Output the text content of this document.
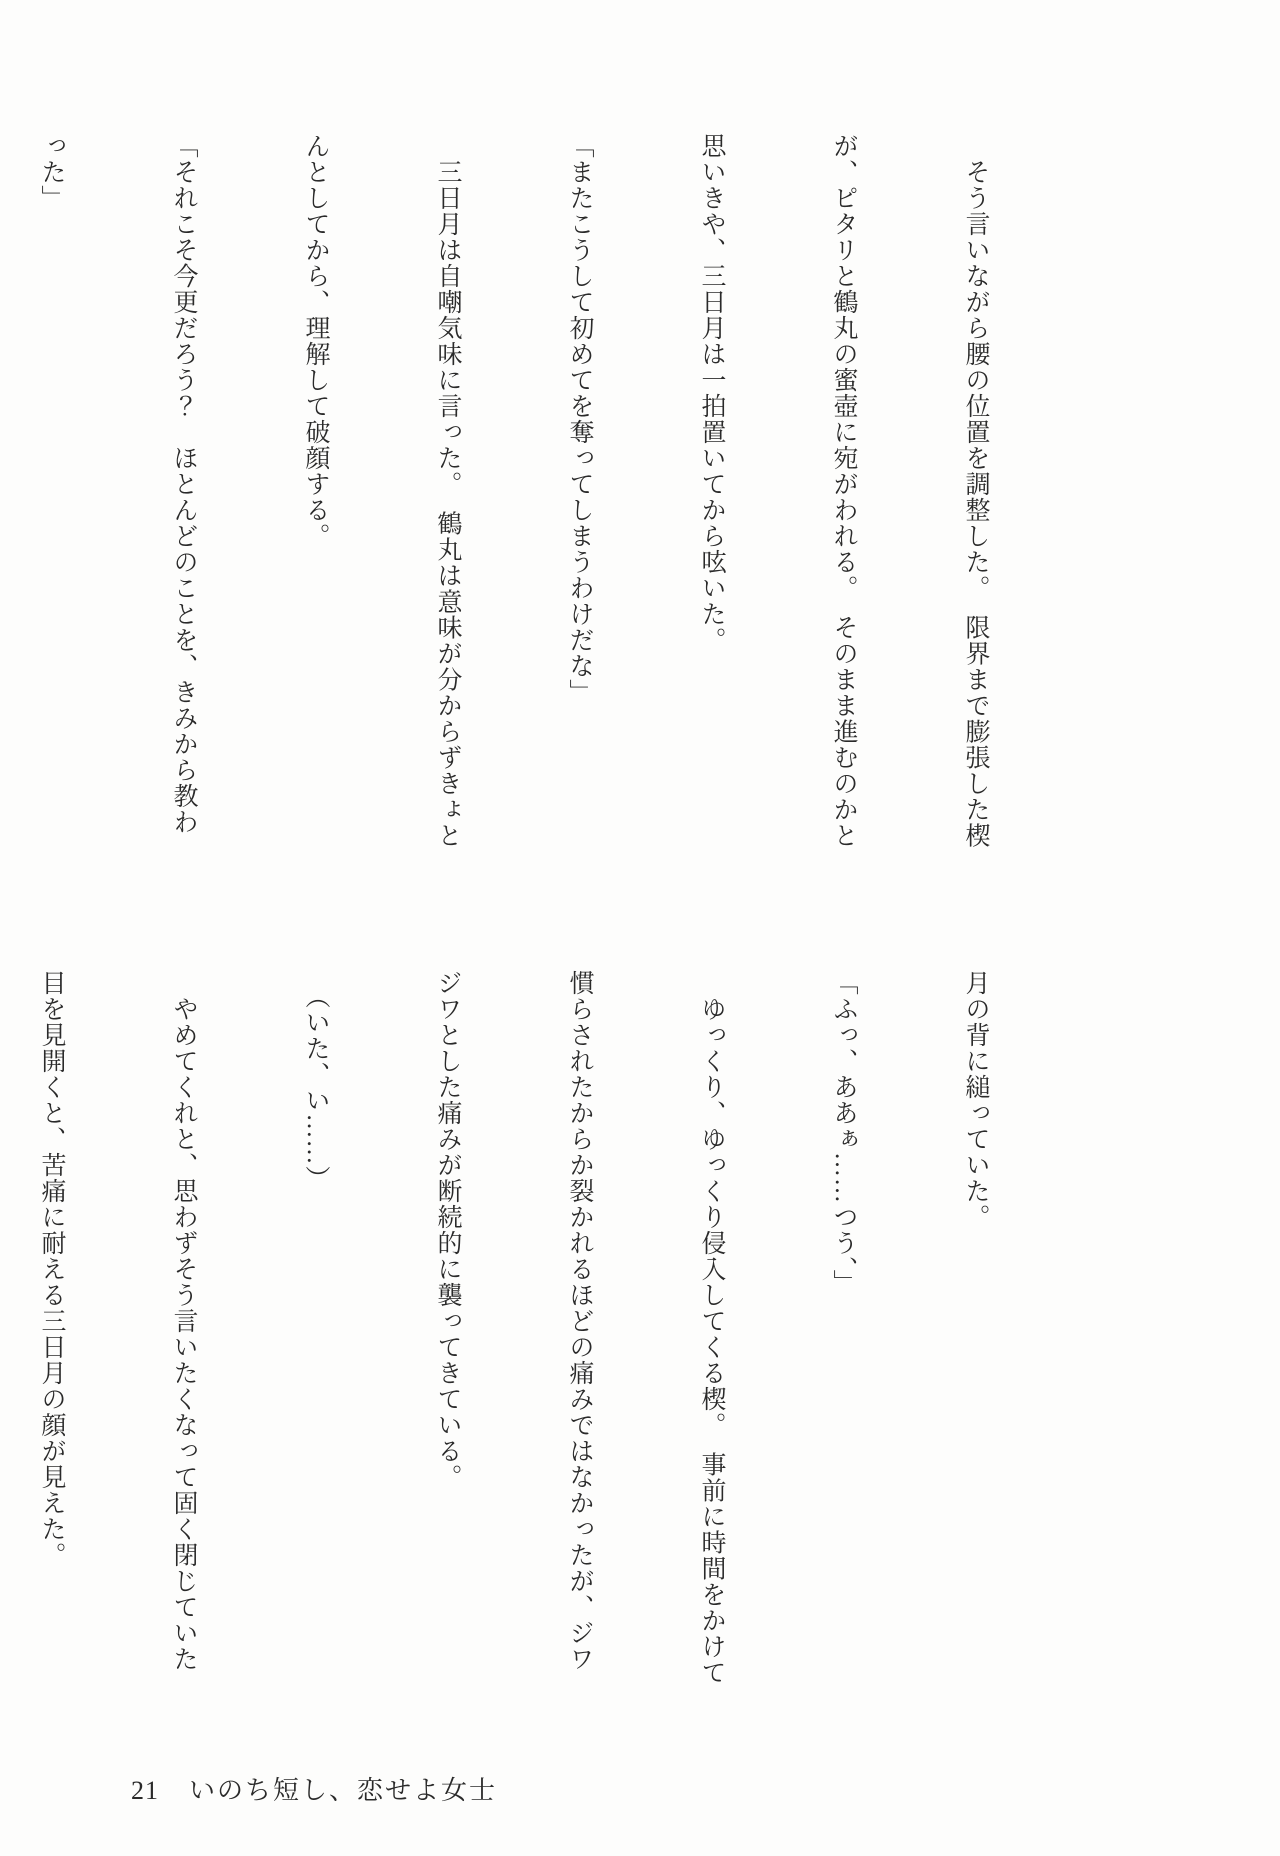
　そう言いながら腰の位置を調整した。　限界まで膨張した楔

が、ピタリと鶴丸の蜜壺に宛がわれる。　そのまま進むのかと

思いきや、三日月は一拍置いてから呟いた。

「またこうして初めてを奪ってしまうわけだな」

　三日月は自嘲気味に言った。　鶴丸は意味が分からずきょと

んとしてから、理解して破顔する。

「それこそ今更だろう？　ほとんどのことを、きみから教わ

った」

月の背に縋っていた。

「ふっ、ああぁ……つう、」

　ゆっくり、ゆっくり侵入してくる楔。　事前に時間をかけて

慣らされたからか裂かれるほどの痛みではなかったが、ジワ

ジワとした痛みが断続的に襲ってきている。

　（いた、い……）

　やめてくれと、思わずそう言いたくなって固く閉じていた

目を見開くと、苦痛に耐える三日月の顔が見えた。

21 いのち短し、恋せよ女士
